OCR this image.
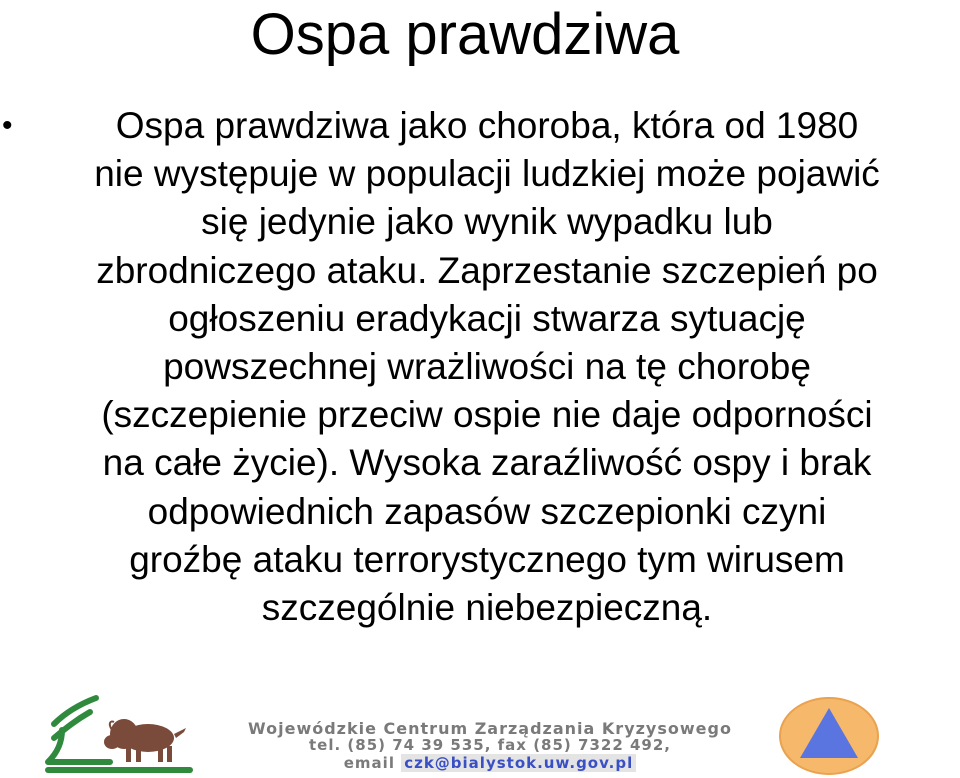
Ospa prawdziwa
•	Ospa prawdziwa jako choroba, która od 1980
nie występuje w populacji ludzkiej może pojawić
się jedynie jako wynik wypadku lub
zbrodniczego ataku. Zaprzestanie szczepień po
ogłoszeniu eradykacji stwarza sytuację
powszechnej wrażliwości na tę chorobę
(szczepienie przeciw ospie nie daje odporności
na całe życie). Wysoka zaraźliwość ospy i brak
odpowiednich zapasów szczepionki czyni
groźbę ataku terrorystycznego tym wirusem
szczególnie niebezpieczną.
Wojewódzkie Centrum Zarządzania Kryzysowego
tel. (85) 74 39 535, fax (85) 7322 492,
email czk@bialystok.uw.gov.pl
